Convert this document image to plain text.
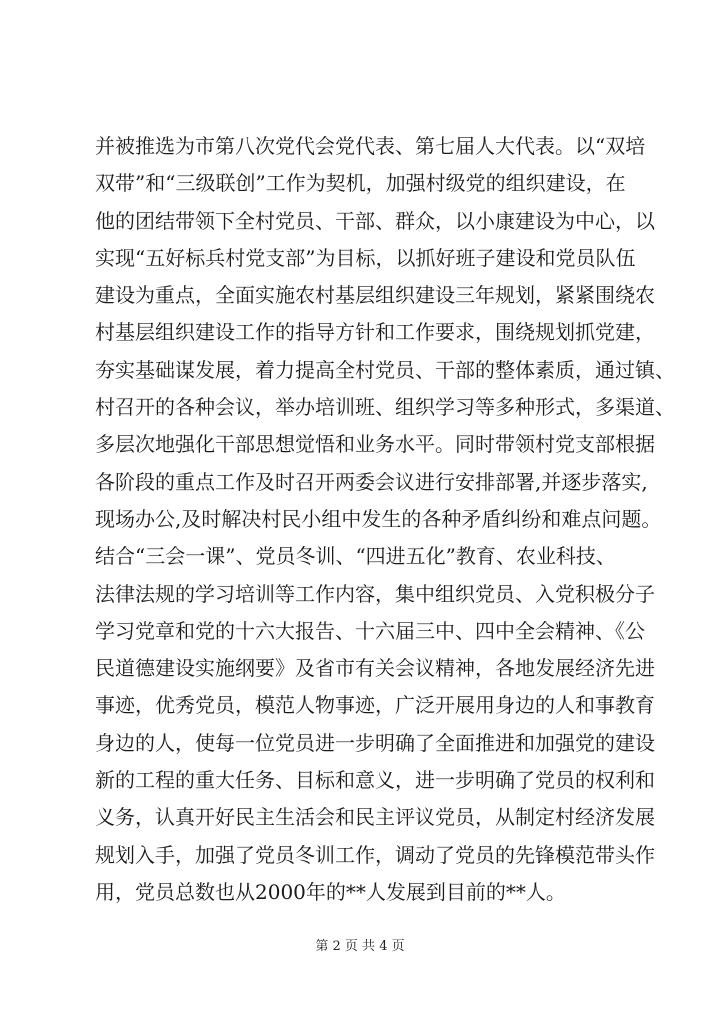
并被推选为市第八次党代会党代表、第七届人大代表。以“双培
双带”和“三级联创”工作为契机，加强村级党的组织建设，在
他的团结带领下全村党员、干部、群众，以小康建设为中心，以
实现“五好标兵村党支部”为目标，以抓好班子建设和党员队伍
建设为重点，全面实施农村基层组织建设三年规划，紧紧围绕农
村基层组织建设工作的指导方针和工作要求，围绕规划抓党建，
夯实基础谋发展，着力提高全村党员、干部的整体素质，通过镇、
村召开的各种会议，举办培训班、组织学习等多种形式，多渠道、
多层次地强化干部思想觉悟和业务水平。同时带领村党支部根据
各阶段的重点工作及时召开两委会议进行安排部署,并逐步落实,
现场办公,及时解决村民小组中发生的各种矛盾纠纷和难点问题。
结合“三会一课”、党员冬训、“四进五化”教育、农业科技、
法律法规的学习培训等工作内容，集中组织党员、入党积极分子
学习党章和党的十六大报告、十六届三中、四中全会精神、《公
民道德建设实施纲要》及省市有关会议精神，各地发展经济先进
事迹，优秀党员，模范人物事迹，广泛开展用身边的人和事教育
身边的人，使每一位党员进一步明确了全面推进和加强党的建设
新的工程的重大任务、目标和意义，进一步明确了党员的权利和
义务，认真开好民主生活会和民主评议党员，从制定村经济发展
规划入手，加强了党员冬训工作，调动了党员的先锋模范带头作
用，党员总数也从2000年的**人发展到目前的**人。
第 2 页 共 4 页
